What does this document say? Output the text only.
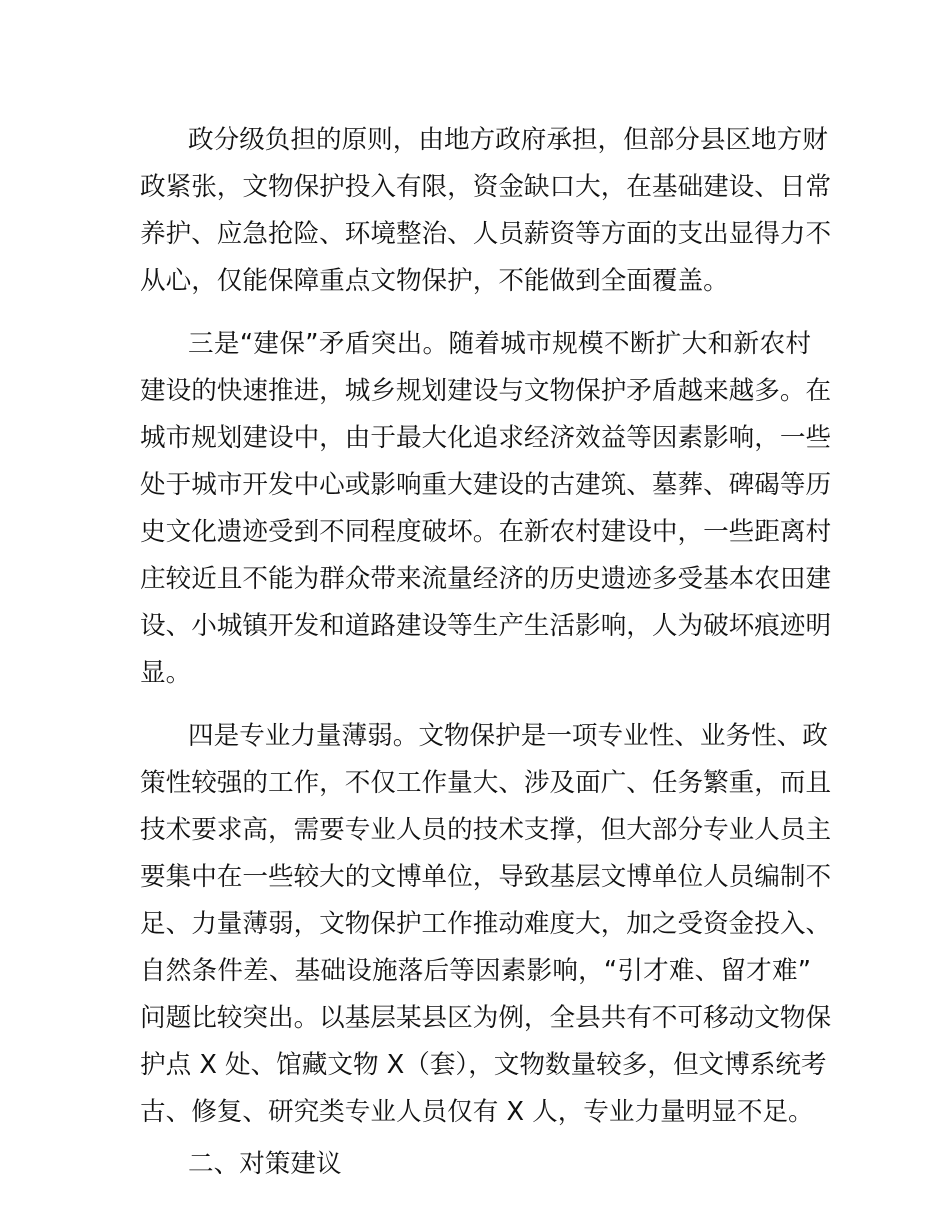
政分级负担的原则，由地方政府承担，但部分县区地方财
政紧张，文物保护投入有限，资金缺口大，在基础建设、日常
养护、应急抢险、环境整治、人员薪资等方面的支出显得力不
从心，仅能保障重点文物保护，不能做到全面覆盖。
三是“建保”矛盾突出。随着城市规模不断扩大和新农村
建设的快速推进，城乡规划建设与文物保护矛盾越来越多。在
城市规划建设中，由于最大化追求经济效益等因素影响，一些
处于城市开发中心或影响重大建设的古建筑、墓葬、碑碣等历
史文化遗迹受到不同程度破坏。在新农村建设中，一些距离村
庄较近且不能为群众带来流量经济的历史遗迹多受基本农田建
设、小城镇开发和道路建设等生产生活影响，人为破坏痕迹明
显。
四是专业力量薄弱。文物保护是一项专业性、业务性、政
策性较强的工作，不仅工作量大、涉及面广、任务繁重，而且
技术要求高，需要专业人员的技术支撑，但大部分专业人员主
要集中在一些较大的文博单位，导致基层文博单位人员编制不
足、力量薄弱，文物保护工作推动难度大，加之受资金投入、
自然条件差、基础设施落后等因素影响，“引才难、留才难”
问题比较突出。以基层某县区为例，全县共有不可移动文物保
护点 X 处、馆藏文物 X（套），文物数量较多，但文博系统考
古、修复、研究类专业人员仅有 X 人，专业力量明显不足。
二、对策建议
